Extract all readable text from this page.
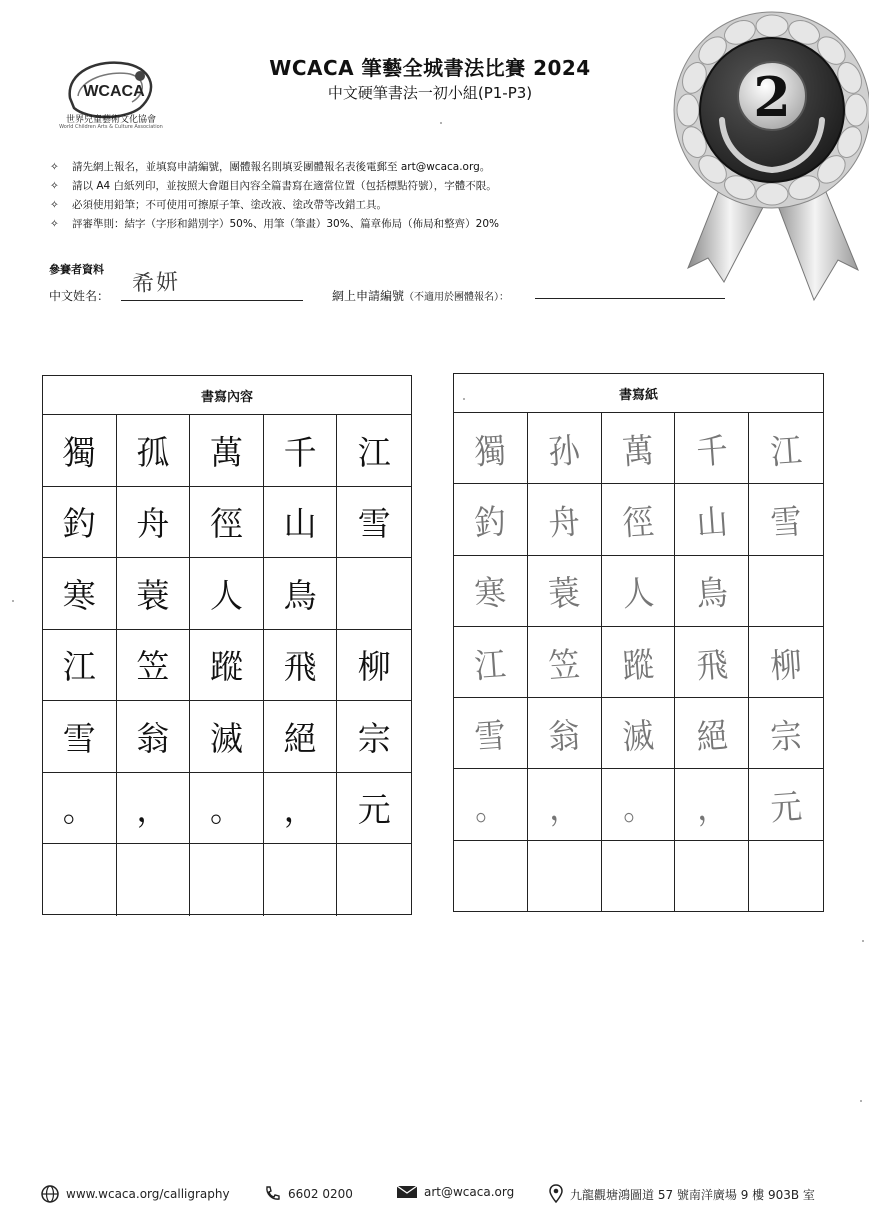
WCACA
世界兒童藝術文化協會
World Children Arts & Culture Association
WCACA 筆藝全城書法比賽 2024
中文硬筆書法一初小組(P1-P3)
✧ 請先網上報名，並填寫申請編號，團體報名則填妥團體報名表後電郵至 art@wcaca.org。
✧ 請以 A4 白紙列印，並按照大會題目內容全篇書寫在適當位置（包括標點符號），字體不限。
✧ 必須使用鉛筆；不可使用可擦原子筆、塗改液、塗改帶等改錯工具。
✧ 評審準則：結字（字形和錯別字）50%、用筆（筆畫）30%、篇章佈局（佈局和整齊）20%
參賽者資料
中文姓名： 希妍	網上申請編號（不適用於團體報名）：
書寫內容
獨	孤	萬	千	江
釣	舟	徑	山	雪
寒	蓑	人	鳥
江	笠	蹤	飛	柳
雪	翁	滅	絕	宗
。	，	。	，	元
書寫紙
獨 孙 萬 千 江
釣 舟 徑 山 雪
寒 蓑 人 鳥
江 笠 蹤 飛 柳
雪 翁 滅 絕 宗
。 ， 。 ， 元
2
www.wcaca.org/calligraphy	6602 0200	art@wcaca.org	九龍觀塘鴻圖道 57 號南洋廣場 9 樓 903B 室
